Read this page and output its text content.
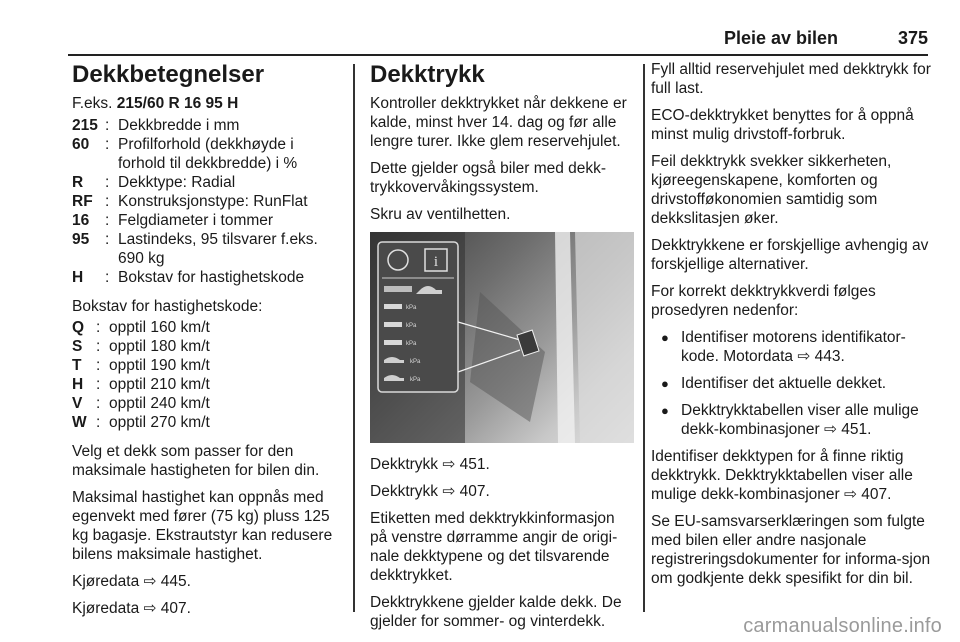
Pleie av bilen	375
Dekkbetegnelser

F.eks. 215/60 R 16 95 H

215 : Dekkbredde i mm
60	: Profilforhold (dekkhøyde i forhold til dekkbredde) i %
R	: Dekktype: Radial
RF : Konstruksjonstype: RunFlat
16	: Felgdiameter i tommer
95	: Lastindeks, 95 tilsvarer f.eks. 690 kg
H	: Bokstav for hastighetskode

Bokstav for hastighetskode:

Q : opptil 160 km/t
S : opptil 180 km/t
T : opptil 190 km/t
H : opptil 210 km/t
V : opptil 240 km/t
W : opptil 270 km/t

Velg et dekk som passer for den maksimale hastigheten for bilen din.

Maksimal hastighet kan oppnås med egenvekt med fører (75 kg) pluss 125 kg bagasje. Ekstrautstyr kan redusere bilens maksimale hastighet.

Kjøredata ⇨ 445.

Kjøredata ⇨ 407.

Dekktrykk

Kontroller dekktrykket når dekkene er kalde, minst hver 14. dag og før alle lengre turer. Ikke glem reservehjulet.

Dette gjelder også biler med dekk-trykkovervåkingssystem.

Skru av ventilhetten.

i
kPa
kPa
kPa
kPa
kPa

Dekktrykk ⇨ 451.

Dekktrykk ⇨ 407.

Etiketten med dekktrykkinformasjon på venstre dørramme angir de origi-nale dekktypene og det tilsvarende dekktrykket.

Dekktrykkene gjelder kalde dekk. De gjelder for sommer- og vinterdekk.

Fyll alltid reservehjulet med dekktrykk for full last.

ECO-dekktrykket benyttes for å oppnå minst mulig drivstoff-forbruk.

Feil dekktrykk svekker sikkerheten, kjøreegenskapene, komforten og drivstofføkonomien samtidig som dekkslitasjen øker.

Dekktrykkene er forskjellige avhengig av forskjellige alternativer.

For korrekt dekktrykkverdi følges prosedyren nedenfor:

● Identifiser motorens identifikator-kode. Motordata ⇨ 443.
● Identifiser det aktuelle dekket.
● Dekktrykktabellen viser alle mulige dekk-kombinasjoner ⇨ 451.

Identifiser dekktypen for å finne riktig dekktrykk. Dekktrykktabellen viser alle mulige dekk-kombinasjoner ⇨ 407.

Se EU-samsvarserklæringen som fulgte med bilen eller andre nasjonale registreringsdokumenter for informa-sjon om godkjente dekk spesifikt for din bil.

carmanualsonline.info
